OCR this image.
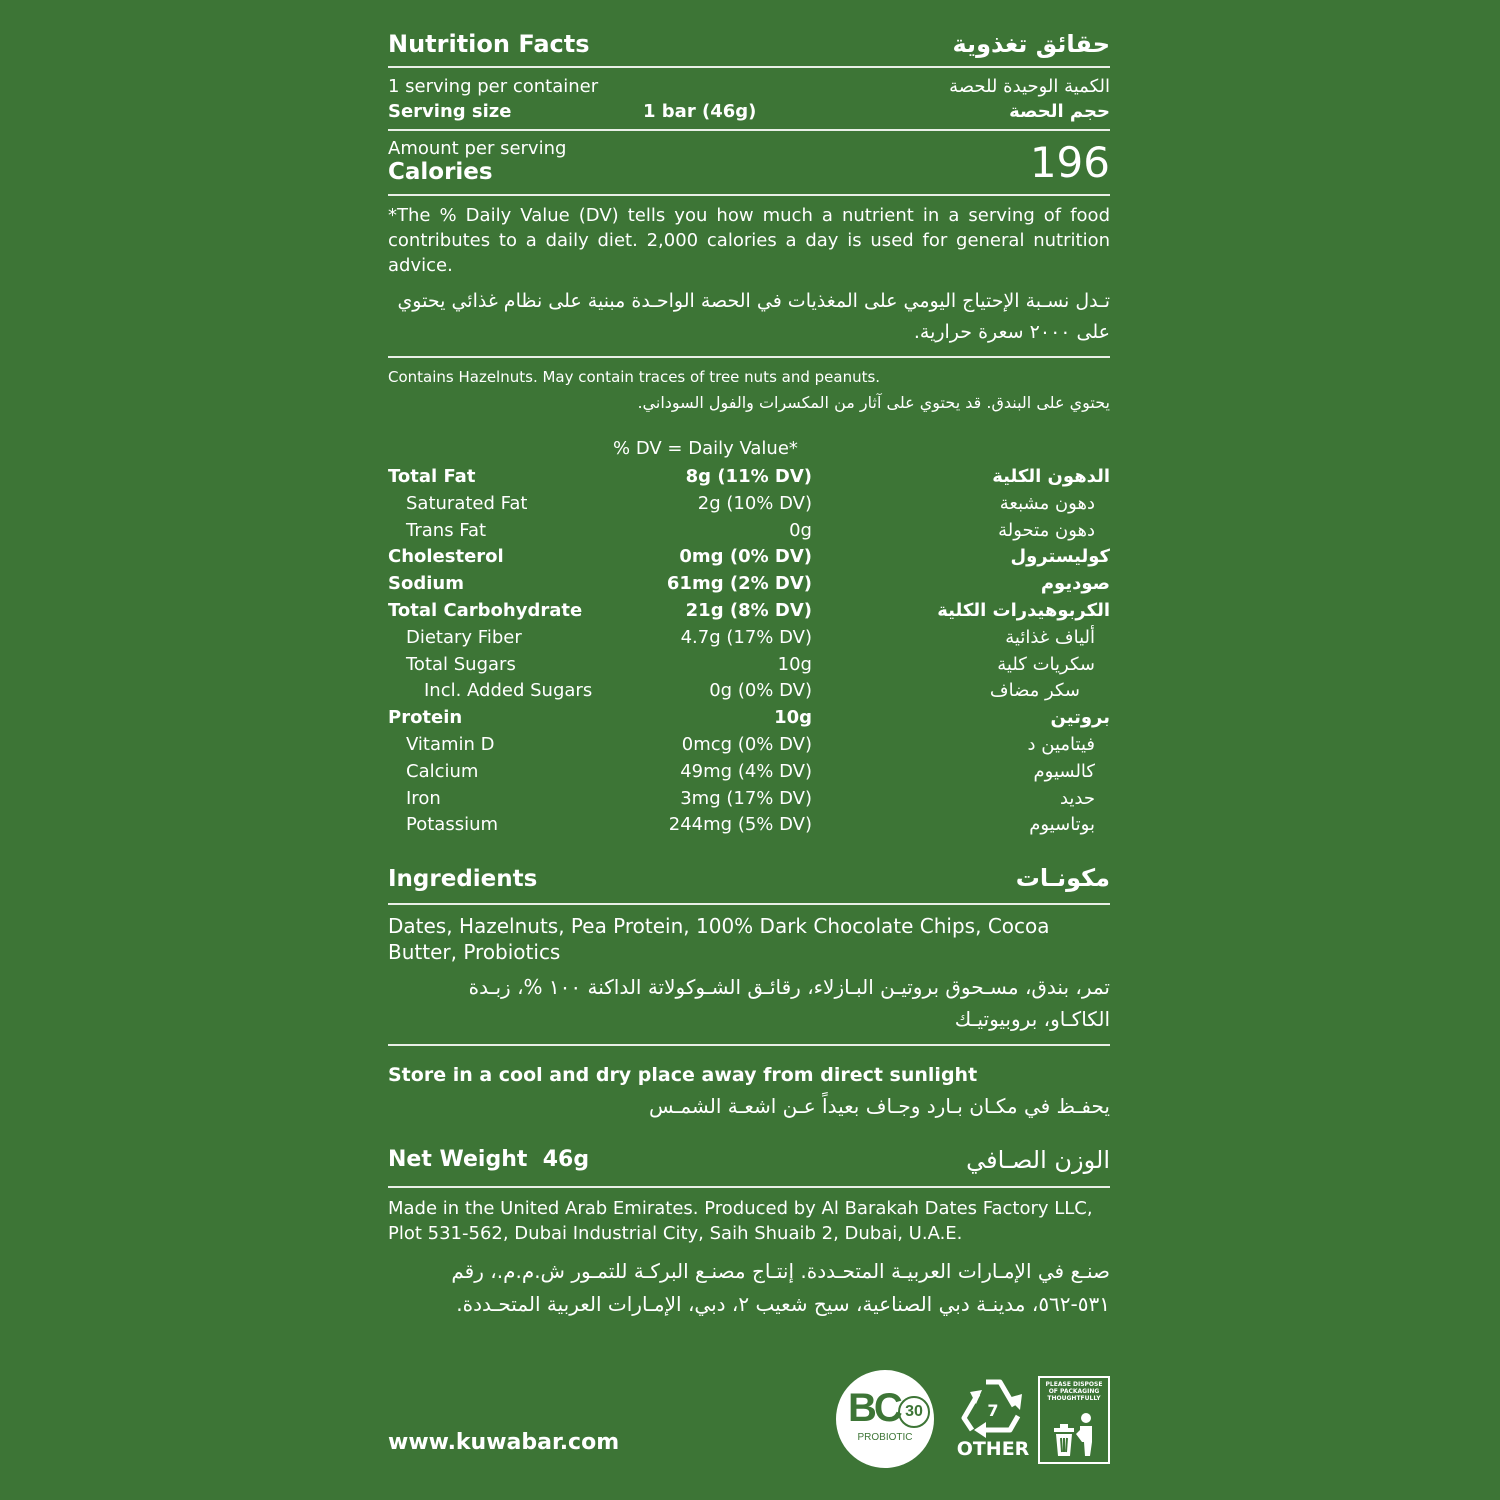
Nutrition Facts	حقائق تغذوية
1 serving per container	الكمية الوحيدة للحصة
Serving size	1 bar (46g)	حجم الحصة
Amount per serving
Calories	196
*The % Daily Value (DV) tells you how much a nutrient in a serving of food contributes to a daily diet. 2,000 calories a day is used for general nutrition advice.
تـدل نسـبة الإحتياج اليومي على المغذيات في الحصة الواحـدة مبنية على نظام غذائي يحتوي
على ٢٠٠٠ سعرة حرارية.
Contains Hazelnuts. May contain traces of tree nuts and peanuts.
يحتوي على البندق. قد يحتوي على آثار من المكسرات والفول السوداني.
% DV = Daily Value*
Total Fat	8g (11% DV)	الدهون الكلية
Saturated Fat	2g (10% DV)	دهون مشبعة
Trans Fat	0g	دهون متحولة
Cholesterol	0mg (0% DV)	كوليسترول
Sodium	61mg (2% DV)	صوديوم
Total Carbohydrate	21g (8% DV)	الكربوهيدرات الكلية
Dietary Fiber	4.7g (17% DV)	ألياف غذائية
Total Sugars	10g	سكريات كلية
Incl. Added Sugars	0g (0% DV)	سكر مضاف
Protein	10g	بروتين
Vitamin D	0mcg (0% DV)	فيتامين د
Calcium	49mg (4% DV)	كالسيوم
Iron	3mg (17% DV)	حديد
Potassium	244mg (5% DV)	بوتاسيوم
Ingredients	مكونـات
Dates, Hazelnuts, Pea Protein, 100% Dark Chocolate Chips, Cocoa Butter, Probiotics
تمر، بندق، مسـحوق بروتيـن البـازلاء، رقائـق الشـوكولاتة الداكنة ١٠٠ %، زبـدة
الكاكـاو، بروبيوتيـك
Store in a cool and dry place away from direct sunlight
يحفـظ في مكـان بـارد وجـاف بعيداً عـن اشعـة الشمـس
Net Weight 46g	الوزن الصـافي
Made in the United Arab Emirates. Produced by Al Barakah Dates Factory LLC, Plot 531-562, Dubai Industrial City, Saih Shuaib 2, Dubai, U.A.E.
صنـع في الإمـارات العربيـة المتحـددة. إنتـاج مصنـع البركـة للتمـور ش.م.م.، رقم
٥٣١-٥٦٢، مدينـة دبي الصناعية، سيح شعيب ٢، دبي، الإمـارات العربية المتحـددة.
www.kuwabar.com
BC 30
PROBIOTIC
7
OTHER
PLEASE DISPOSE OF PACKAGING THOUGHTFULLY
